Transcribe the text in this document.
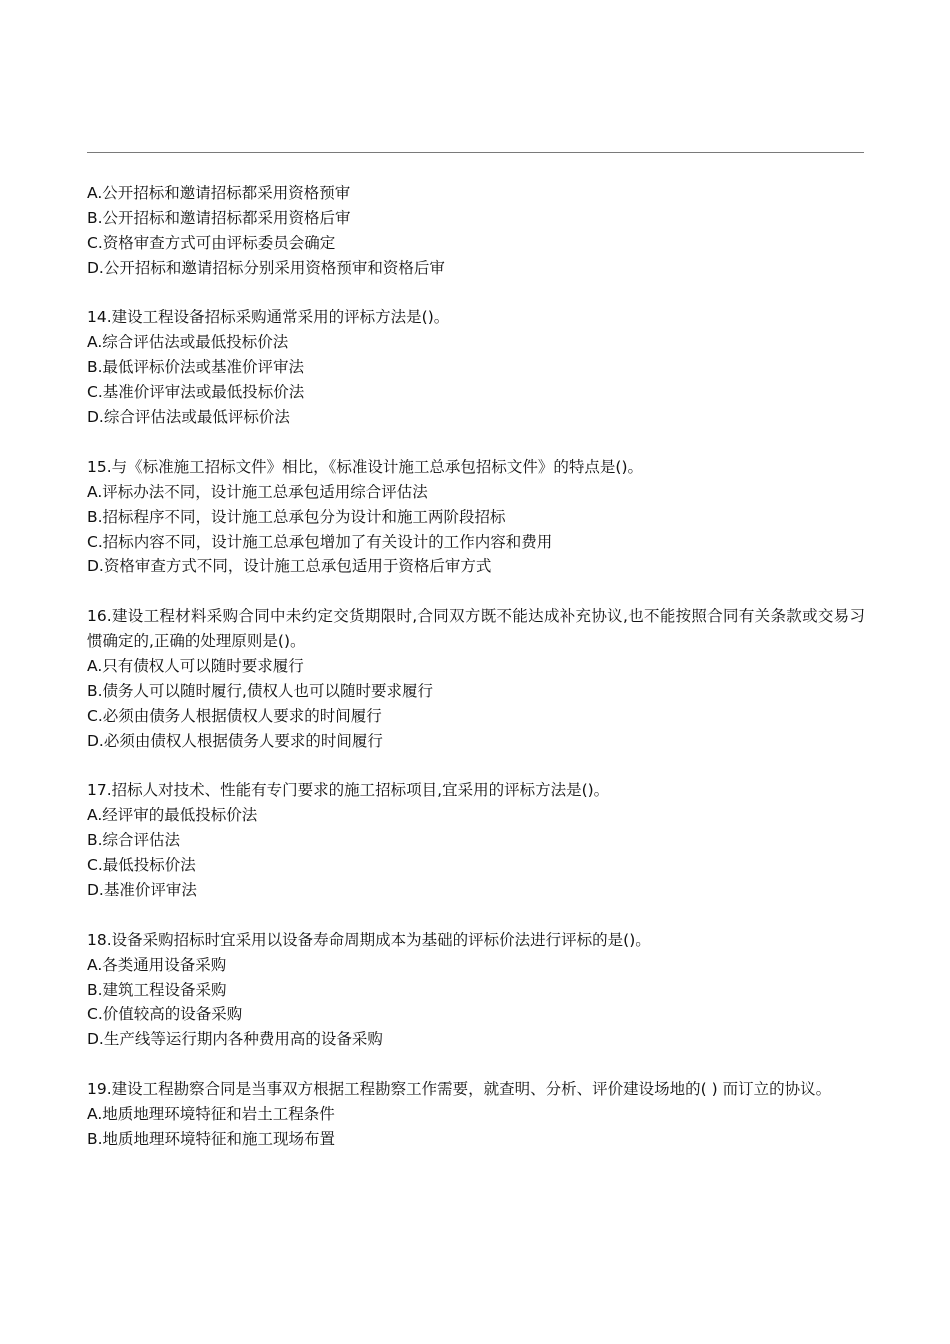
A.公开招标和邀请招标都采用资格预审
B.公开招标和邀请招标都采用资格后审
C.资格审查方式可由评标委员会确定
D.公开招标和邀请招标分别采用资格预审和资格后审
14.建设工程设备招标采购通常采用的评标方法是()。
A.综合评估法或最低投标价法
B.最低评标价法或基准价评审法
C.基准价评审法或最低投标价法
D.综合评估法或最低评标价法
15.与《标准施工招标文件》相比，《标准设计施工总承包招标文件》的特点是()。
A.评标办法不同，设计施工总承包适用综合评估法
B.招标程序不同，设计施工总承包分为设计和施工两阶段招标
C.招标内容不同，设计施工总承包增加了有关设计的工作内容和费用
D.资格审查方式不同，设计施工总承包适用于资格后审方式
16.建设工程材料采购合同中未约定交货期限时,合同双方既不能达成补充协议,也不能按照合同有关条款或交易习惯确定的,正确的处理原则是()。
A.只有债权人可以随时要求履行
B.债务人可以随时履行,债权人也可以随时要求履行
C.必须由债务人根据债权人要求的时间履行
D.必须由债权人根据债务人要求的时间履行
17.招标人对技术、性能有专门要求的施工招标项目,宜采用的评标方法是()。
A.经评审的最低投标价法
B.综合评估法
C.最低投标价法
D.基准价评审法
18.设备采购招标时宜采用以设备寿命周期成本为基础的评标价法进行评标的是()。
A.各类通用设备采购
B.建筑工程设备采购
C.价值较高的设备采购
D.生产线等运行期内各种费用高的设备采购
19.建设工程勘察合同是当事双方根据工程勘察工作需要，就查明、分析、评价建设场地的( ) 而订立的协议。
A.地质地理环境特征和岩土工程条件
B.地质地理环境特征和施工现场布置
